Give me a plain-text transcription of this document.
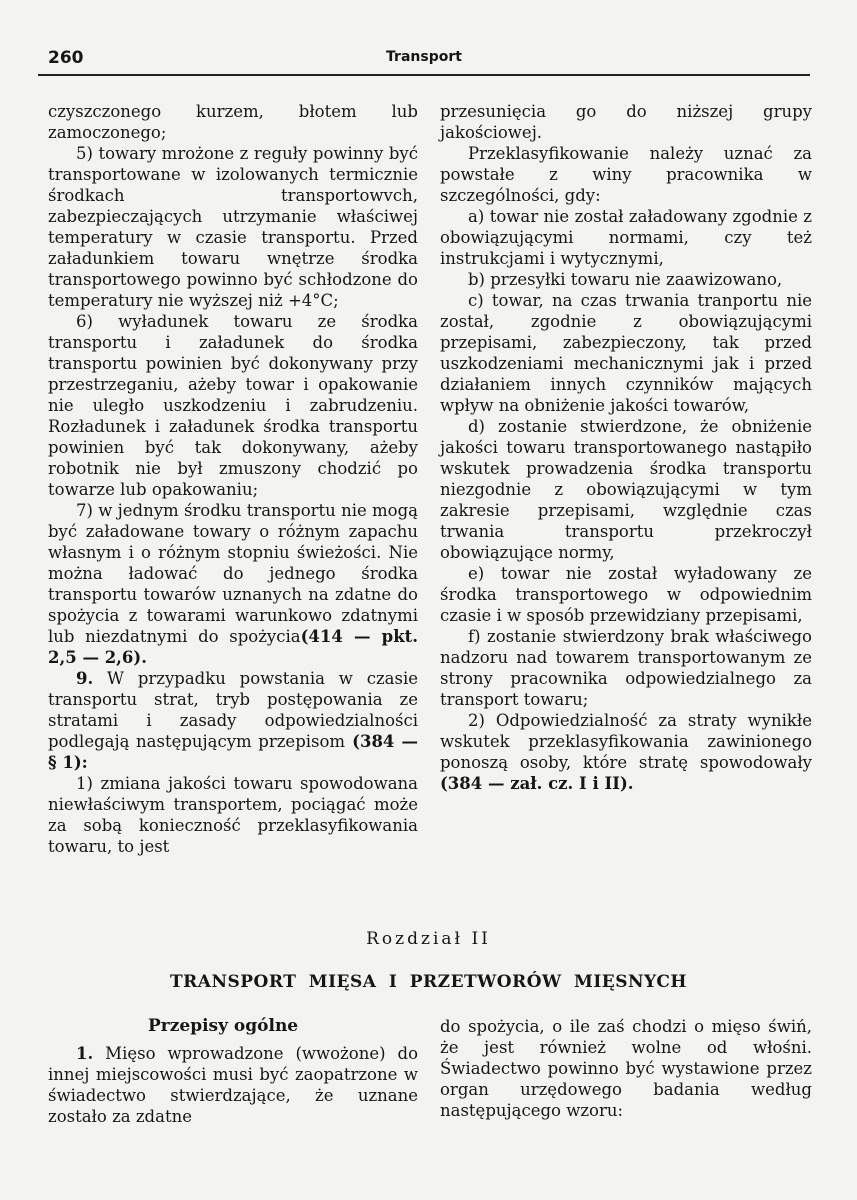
260	Transport

czyszczonego kurzem, błotem lub zamoczonego;

5) towary mrożone z reguły powinny być transportowane w izolowanych termicznie środkach transportowvch, zabezpieczających utrzymanie właściwej temperatury w czasie transportu. Przed załadunkiem towaru wnętrze środka transportowego powinno być schłodzone do temperatury nie wyższej niż +4°C;

6) wyładunek towaru ze środka transportu i załadunek do środka transportu powinien być dokonywany przy przestrzeganiu, ażeby towar i opakowanie nie uległo uszkodzeniu i zabrudzeniu. Rozładunek i załadunek środka transportu powinien być tak dokonywany, ażeby robotnik nie był zmuszony chodzić po towarze lub opakowaniu;

7) w jednym środku transportu nie mogą być załadowane towary o różnym zapachu własnym i o różnym stopniu świeżości. Nie można ładować do jednego środka transportu towarów uznanych na zdatne do spożycia z towarami warunkowo zdatnymi lub niezdatnymi do spożycia(414 — pkt. 2,5 — 2,6).

9. W przypadku powstania w czasie transportu strat, tryb postępowania ze stratami i zasady odpowiedzialności podlegają następującym przepisom (384 — § 1):

1) zmiana jakości towaru spowodowana niewłaściwym transportem, pociągać może za sobą konieczność przeklasyfikowania towaru, to jest

przesunięcia go do niższej grupy jakościowej.

Przeklasyfikowanie należy uznać za powstałe z winy pracownika w szczególności, gdy:

a) towar nie został załadowany zgodnie z obowiązującymi normami, czy też instrukcjami i wytycznymi,

b) przesyłki towaru nie zaawizowano,

c) towar, na czas trwania tranportu nie został, zgodnie z obowiązującymi przepisami, zabezpieczony, tak przed uszkodzeniami mechanicznymi jak i przed działaniem innych czynników mających wpływ na obniżenie jakości towarów,

d) zostanie stwierdzone, że obniżenie jakości towaru transportowanego nastąpiło wskutek prowadzenia środka transportu niezgodnie z obowiązującymi w tym zakresie przepisami, względnie czas trwania transportu przekroczył obowiązujące normy,

e) towar nie został wyładowany ze środka transportowego w odpowiednim czasie i w sposób przewidziany przepisami,

f) zostanie stwierdzony brak właściwego nadzoru nad towarem transportowanym ze strony pracownika odpowiedzialnego za transport towaru;

2) Odpowiedzialność za straty wynikłe wskutek przeklasyfikowania zawinionego ponoszą osoby, które stratę spowodowały (384 — zał. cz. I i II).

Rozdział II
TRANSPORT MIĘSA I PRZETWORÓW MIĘSNYCH

Przepisy ogólne

1. Mięso wprowadzone (wwożone) do innej miejscowości musi być zaopatrzone w świadectwo stwierdzające, że uznane zostało za zdatne

do spożycia, o ile zaś chodzi o mięso świń, że jest również wolne od włośni. Świadectwo powinno być wystawione przez organ urzędowego badania według następującego wzoru:
